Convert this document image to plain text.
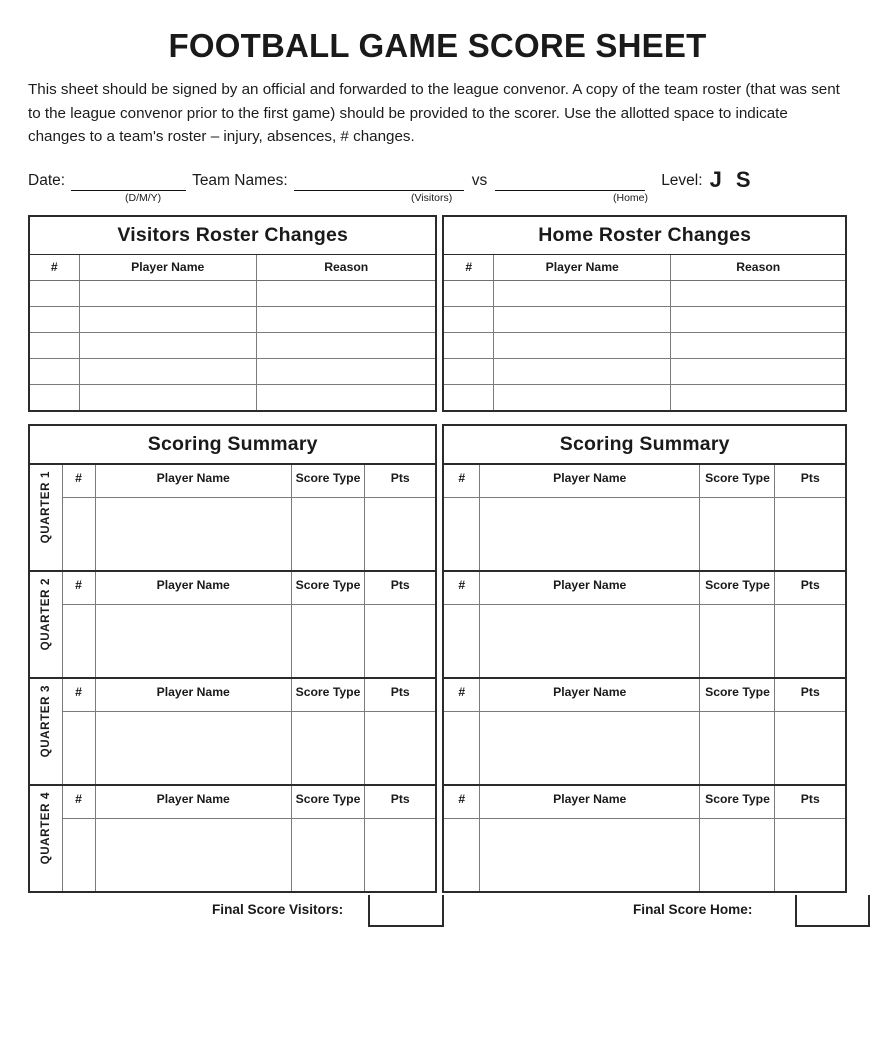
FOOTBALL GAME SCORE SHEET

This sheet should be signed by an official and forwarded to the league convenor. A copy of the team roster (that was sent to the league convenor prior to the first game) should be provided to the scorer. Use the allotted space to indicate changes to a team's roster – injury, absences, # changes.

Date:	Team Names:	vs	Level: J S
(D/M/Y)	(Visitors)	(Home)
Visitors Roster Changes		
#	Player Name	Reason

Home Roster Changes		
#	Player Name	Reason

Scoring Summary				
QUARTER 1	#	Player Name	Score Type	Pts

QUARTER 2	#	Player Name	Score Type	Pts

QUARTER 3	#	Player Name	Score Type	Pts

QUARTER 4	#	Player Name	Score Type	Pts

Scoring Summary			
#	Player Name	Score Type	Pts

#	Player Name	Score Type	Pts

#	Player Name	Score Type	Pts

#	Player Name	Score Type	Pts

Final Score Visitors:	Final Score Home:
